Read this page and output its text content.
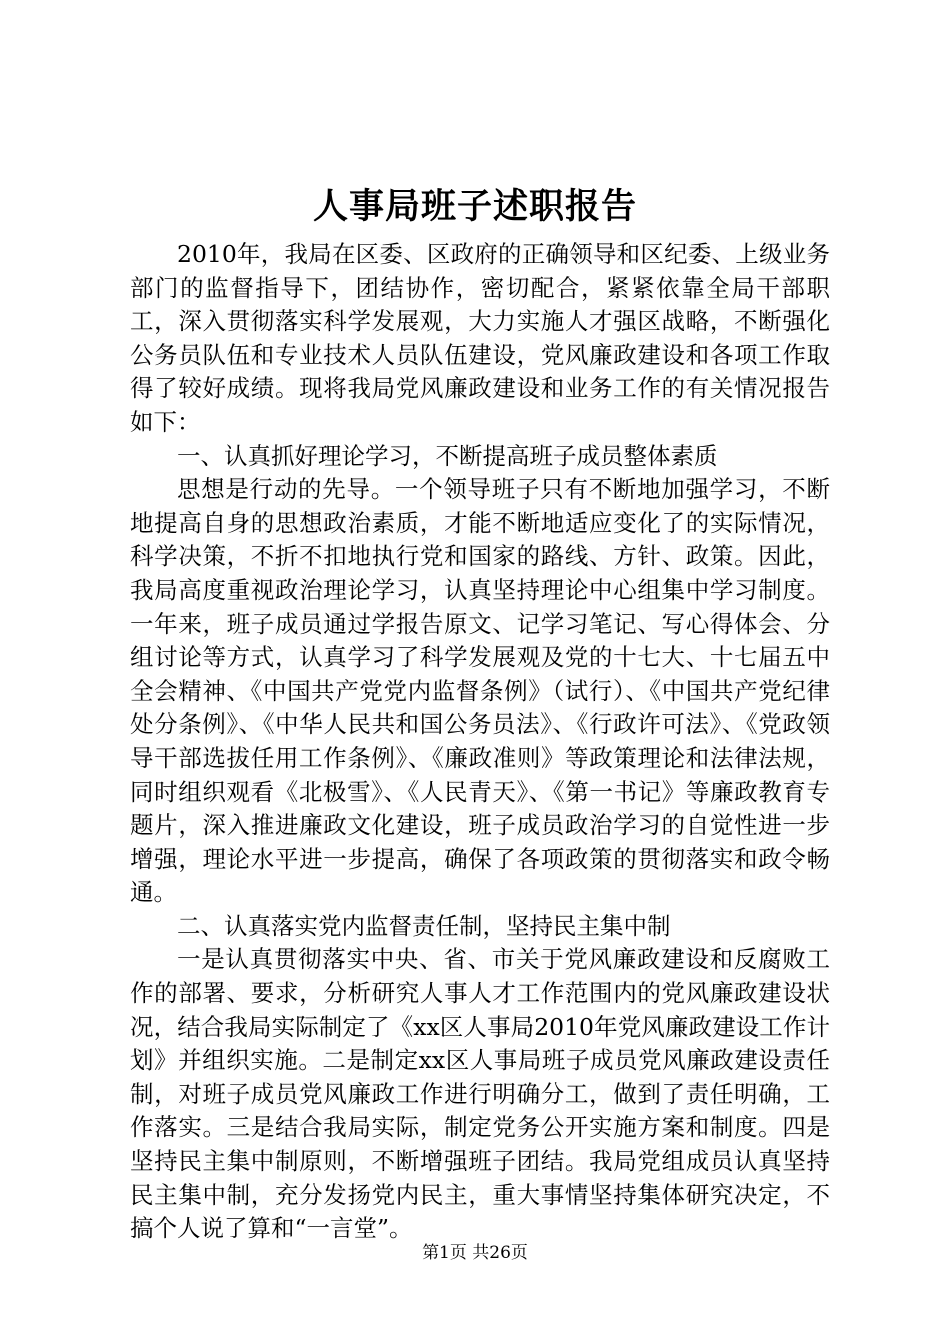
人事局班子述职报告

2010年，我局在区委、区政府的正确领导和区纪委、上级业务部门的监督指导下，团结协作，密切配合，紧紧依靠全局干部职工，深入贯彻落实科学发展观，大力实施人才强区战略，不断强化公务员队伍和专业技术人员队伍建设，党风廉政建设和各项工作取得了较好成绩。现将我局党风廉政建设和业务工作的有关情况报告如下：

一、认真抓好理论学习，不断提高班子成员整体素质

思想是行动的先导。一个领导班子只有不断地加强学习，不断地提高自身的思想政治素质，才能不断地适应变化了的实际情况，科学决策，不折不扣地执行党和国家的路线、方针、政策。因此，我局高度重视政治理论学习，认真坚持理论中心组集中学习制度。一年来，班子成员通过学报告原文、记学习笔记、写心得体会、分组讨论等方式，认真学习了科学发展观及党的十七大、十七届五中全会精神、《中国共产党党内监督条例》（试行）、《中国共产党纪律处分条例》、《中华人民共和国公务员法》、《行政许可法》、《党政领导干部选拔任用工作条例》、《廉政准则》等政策理论和法律法规，同时组织观看《北极雪》、《人民青天》、《第一书记》等廉政教育专题片，深入推进廉政文化建设，班子成员政治学习的自觉性进一步增强，理论水平进一步提高，确保了各项政策的贯彻落实和政令畅通。

二、认真落实党内监督责任制，坚持民主集中制

一是认真贯彻落实中央、省、市关于党风廉政建设和反腐败工作的部署、要求，分析研究人事人才工作范围内的党风廉政建设状况，结合我局实际制定了《xx区人事局2010年党风廉政建设工作计划》并组织实施。二是制定xx区人事局班子成员党风廉政建设责任制，对班子成员党风廉政工作进行明确分工，做到了责任明确，工作落实。三是结合我局实际，制定党务公开实施方案和制度。四是坚持民主集中制原则，不断增强班子团结。我局党组成员认真坚持民主集中制，充分发扬党内民主，重大事情坚持集体研究决定，不搞个人说了算和“一言堂”。

第1页 共26页
